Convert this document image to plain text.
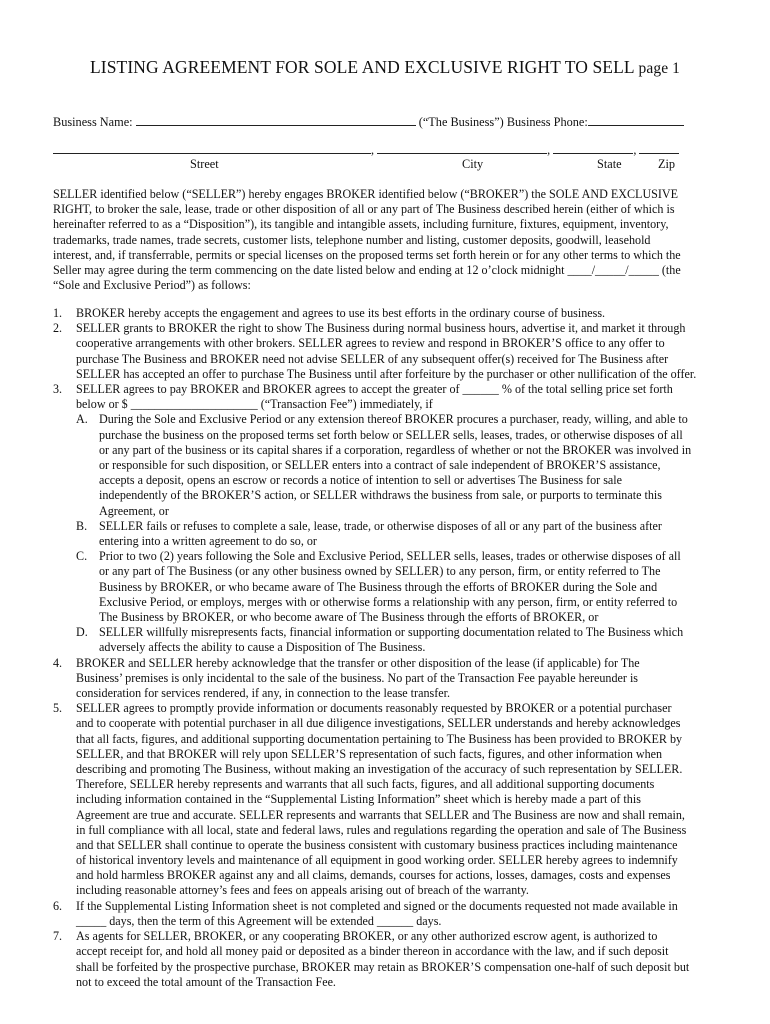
LISTING AGREEMENT FOR SOLE AND EXCLUSIVE RIGHT TO SELL page 1
Business Name:	(“The Business”) Business Phone:
,	,	,
Street	City	State	Zip
SELLER identified below (“SELLER”) hereby engages BROKER identified below (“BROKER”) the SOLE AND EXCLUSIVE
RIGHT, to broker the sale, lease, trade or other disposition of all or any part of The Business described herein (either of which is
hereinafter referred to as a “Disposition”), its tangible and intangible assets, including furniture, fixtures, equipment, inventory,
trademarks, trade names, trade secrets, customer lists, telephone number and listing, customer deposits, goodwill, leasehold
interest, and, if transferrable, permits or special licenses on the proposed terms set forth herein or for any other terms to which the
Seller may agree during the term commencing on the date listed below and ending at 12 o’clock midnight ____/_____/_____ (the
“Sole and Exclusive Period”) as follows:
1. BROKER hereby accepts the engagement and agrees to use its best efforts in the ordinary course of business.
2. SELLER grants to BROKER the right to show The Business during normal business hours, advertise it, and market it through
cooperative arrangements with other brokers. SELLER agrees to review and respond in BROKER’S office to any offer to
purchase The Business and BROKER need not advise SELLER of any subsequent offer(s) received for The Business after
SELLER has accepted an offer to purchase The Business until after forfeiture by the purchaser or other nullification of the offer.
3. SELLER agrees to pay BROKER and BROKER agrees to accept the greater of ______ % of the total selling price set forth
below or $ _____________________ (“Transaction Fee”) immediately, if
A. During the Sole and Exclusive Period or any extension thereof BROKER procures a purchaser, ready, willing, and able to
purchase the business on the proposed terms set forth below or SELLER sells, leases, trades, or otherwise disposes of all
or any part of the business or its capital shares if a corporation, regardless of whether or not the BROKER was involved in
or responsible for such disposition, or SELLER enters into a contract of sale independent of BROKER’S assistance,
accepts a deposit, opens an escrow or records a notice of intention to sell or advertises The Business for sale
independently of the BROKER’S action, or SELLER withdraws the business from sale, or purports to terminate this
Agreement, or
B. SELLER fails or refuses to complete a sale, lease, trade, or otherwise disposes of all or any part of the business after
entering into a written agreement to do so, or
C. Prior to two (2) years following the Sole and Exclusive Period, SELLER sells, leases, trades or otherwise disposes of all
or any part of The Business (or any other business owned by SELLER) to any person, firm, or entity referred to The
Business by BROKER, or who became aware of The Business through the efforts of BROKER during the Sole and
Exclusive Period, or employs, merges with or otherwise forms a relationship with any person, firm, or entity referred to
The Business by BROKER, or who become aware of The Business through the efforts of BROKER, or
D. SELLER willfully misrepresents facts, financial information or supporting documentation related to The Business which
adversely affects the ability to cause a Disposition of The Business.
4. BROKER and SELLER hereby acknowledge that the transfer or other disposition of the lease (if applicable) for The
Business’ premises is only incidental to the sale of the business. No part of the Transaction Fee payable hereunder is
consideration for services rendered, if any, in connection to the lease transfer.
5. SELLER agrees to promptly provide information or documents reasonably requested by BROKER or a potential purchaser
and to cooperate with potential purchaser in all due diligence investigations, SELLER understands and hereby acknowledges
that all facts, figures, and additional supporting documentation pertaining to The Business has been provided to BROKER by
SELLER, and that BROKER will rely upon SELLER’S representation of such facts, figures, and other information when
describing and promoting The Business, without making an investigation of the accuracy of such representation by SELLER.
Therefore, SELLER hereby represents and warrants that all such facts, figures, and all additional supporting documents
including information contained in the “Supplemental Listing Information” sheet which is hereby made a part of this
Agreement are true and accurate. SELLER represents and warrants that SELLER and The Business are now and shall remain,
in full compliance with all local, state and federal laws, rules and regulations regarding the operation and sale of The Business
and that SELLER shall continue to operate the business consistent with customary business practices including maintenance
of historical inventory levels and maintenance of all equipment in good working order. SELLER hereby agrees to indemnify
and hold harmless BROKER against any and all claims, demands, courses for actions, losses, damages, costs and expenses
including reasonable attorney’s fees and fees on appeals arising out of breach of the warranty.
6. If the Supplemental Listing Information sheet is not completed and signed or the documents requested not made available in
_____ days, then the term of this Agreement will be extended ______ days.
7. As agents for SELLER, BROKER, or any cooperating BROKER, or any other authorized escrow agent, is authorized to
accept receipt for, and hold all money paid or deposited as a binder thereon in accordance with the law, and if such deposit
shall be forfeited by the prospective purchase, BROKER may retain as BROKER’S compensation one-half of such deposit but
not to exceed the total amount of the Transaction Fee.
